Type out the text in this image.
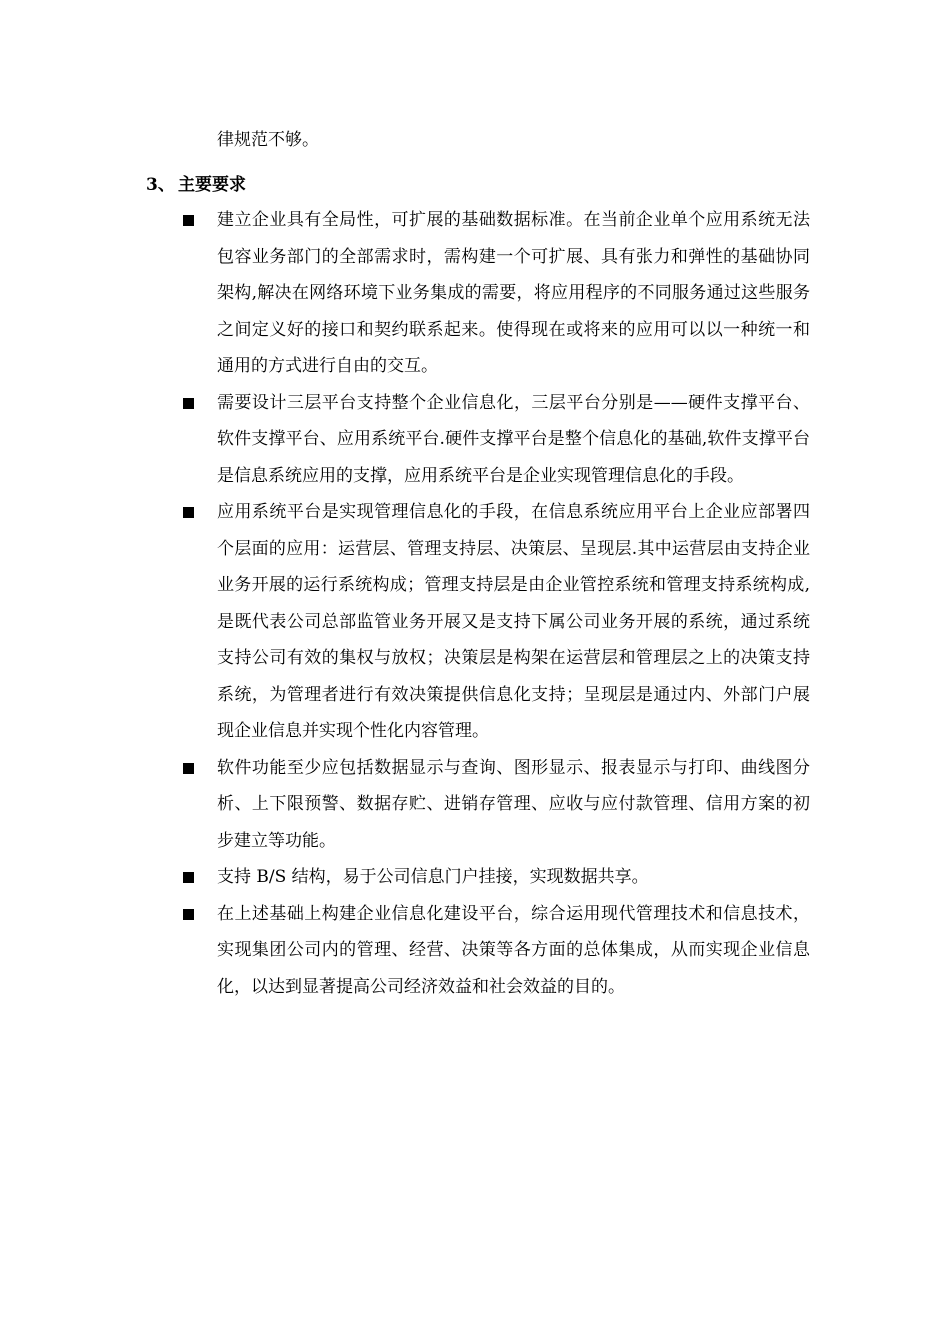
律规范不够。

3、 主要要求
建立企业具有全局性，可扩展的基础数据标准。在当前企业单个应用系统无法包容业务部门的全部需求时，需构建一个可扩展、具有张力和弹性的基础协同架构,解决在网络环境下业务集成的需要，将应用程序的不同服务通过这些服务之间定义好的接口和契约联系起来。使得现在或将来的应用可以以一种统一和通用的方式进行自由的交互。
需要设计三层平台支持整个企业信息化，三层平台分别是——硬件支撑平台、软件支撑平台、应用系统平台.硬件支撑平台是整个信息化的基础,软件支撑平台是信息系统应用的支撑，应用系统平台是企业实现管理信息化的手段。
应用系统平台是实现管理信息化的手段，在信息系统应用平台上企业应部署四个层面的应用：运营层、管理支持层、决策层、呈现层.其中运营层由支持企业业务开展的运行系统构成；管理支持层是由企业管控系统和管理支持系统构成,是既代表公司总部监管业务开展又是支持下属公司业务开展的系统，通过系统支持公司有效的集权与放权；决策层是构架在运营层和管理层之上的决策支持系统，为管理者进行有效决策提供信息化支持；呈现层是通过内、外部门户展现企业信息并实现个性化内容管理。
软件功能至少应包括数据显示与查询、图形显示、报表显示与打印、曲线图分析、上下限预警、数据存贮、进销存管理、应收与应付款管理、信用方案的初步建立等功能。
支持 B/S 结构，易于公司信息门户挂接，实现数据共享。
在上述基础上构建企业信息化建设平台，综合运用现代管理技术和信息技术，实现集团公司内的管理、经营、决策等各方面的总体集成，从而实现企业信息化，以达到显著提高公司经济效益和社会效益的目的。
